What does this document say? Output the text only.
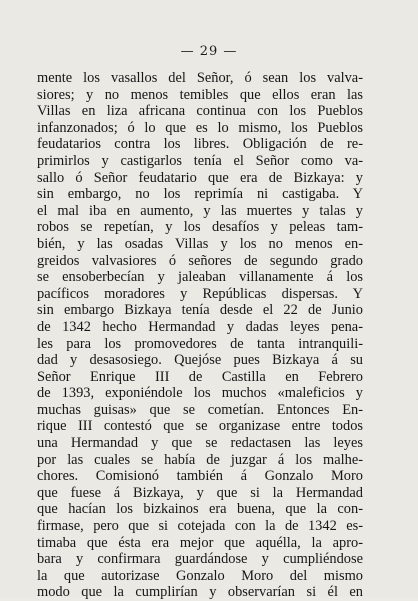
— 29 —
mente los vasallos del Señor, ó sean los valva-
siores; y no menos temibles que ellos eran las
Villas en liza africana continua con los Pueblos
infanzonados; ó lo que es lo mismo, los Pueblos
feudatarios contra los libres. Obligación de re-
primirlos y castigarlos tenía el Señor como va-
sallo ó Señor feudatario que era de Bizkaya: y
sin embargo, no los reprimía ni castigaba. Y
el mal iba en aumento, y las muertes y talas y
robos se repetían, y los desafíos y peleas tam-
bién, y las osadas Villas y los no menos en-
greidos valvasiores ó señores de segundo grado
se ensoberbecían y jaleaban villanamente á los
pacíficos moradores y Repúblicas dispersas. Y
sin embargo Bizkaya tenía desde el 22 de Junio
de 1342 hecho Hermandad y dadas leyes pena-
les para los promovedores de tanta intranquili-
dad y desasosiego. Quejóse pues Bizkaya á su
Señor Enrique III de Castilla en Febrero
de 1393, exponiéndole los muchos «maleficios y
muchas guisas» que se cometían. Entonces En-
rique III contestó que se organizase entre todos
una Hermandad y que se redactasen las leyes
por las cuales se había de juzgar á los malhe-
chores. Comisionó también á Gonzalo Moro
que fuese á Bizkaya, y que si la Hermandad
que hacían los bizkainos era buena, que la con-
firmase, pero que si cotejada con la de 1342 es-
timaba que ésta era mejor que aquélla, la apro-
bara y confirmara guardándose y cumpliéndose
la que autorizase Gonzalo Moro del mismo
modo que la cumplirían y observarían si él en
